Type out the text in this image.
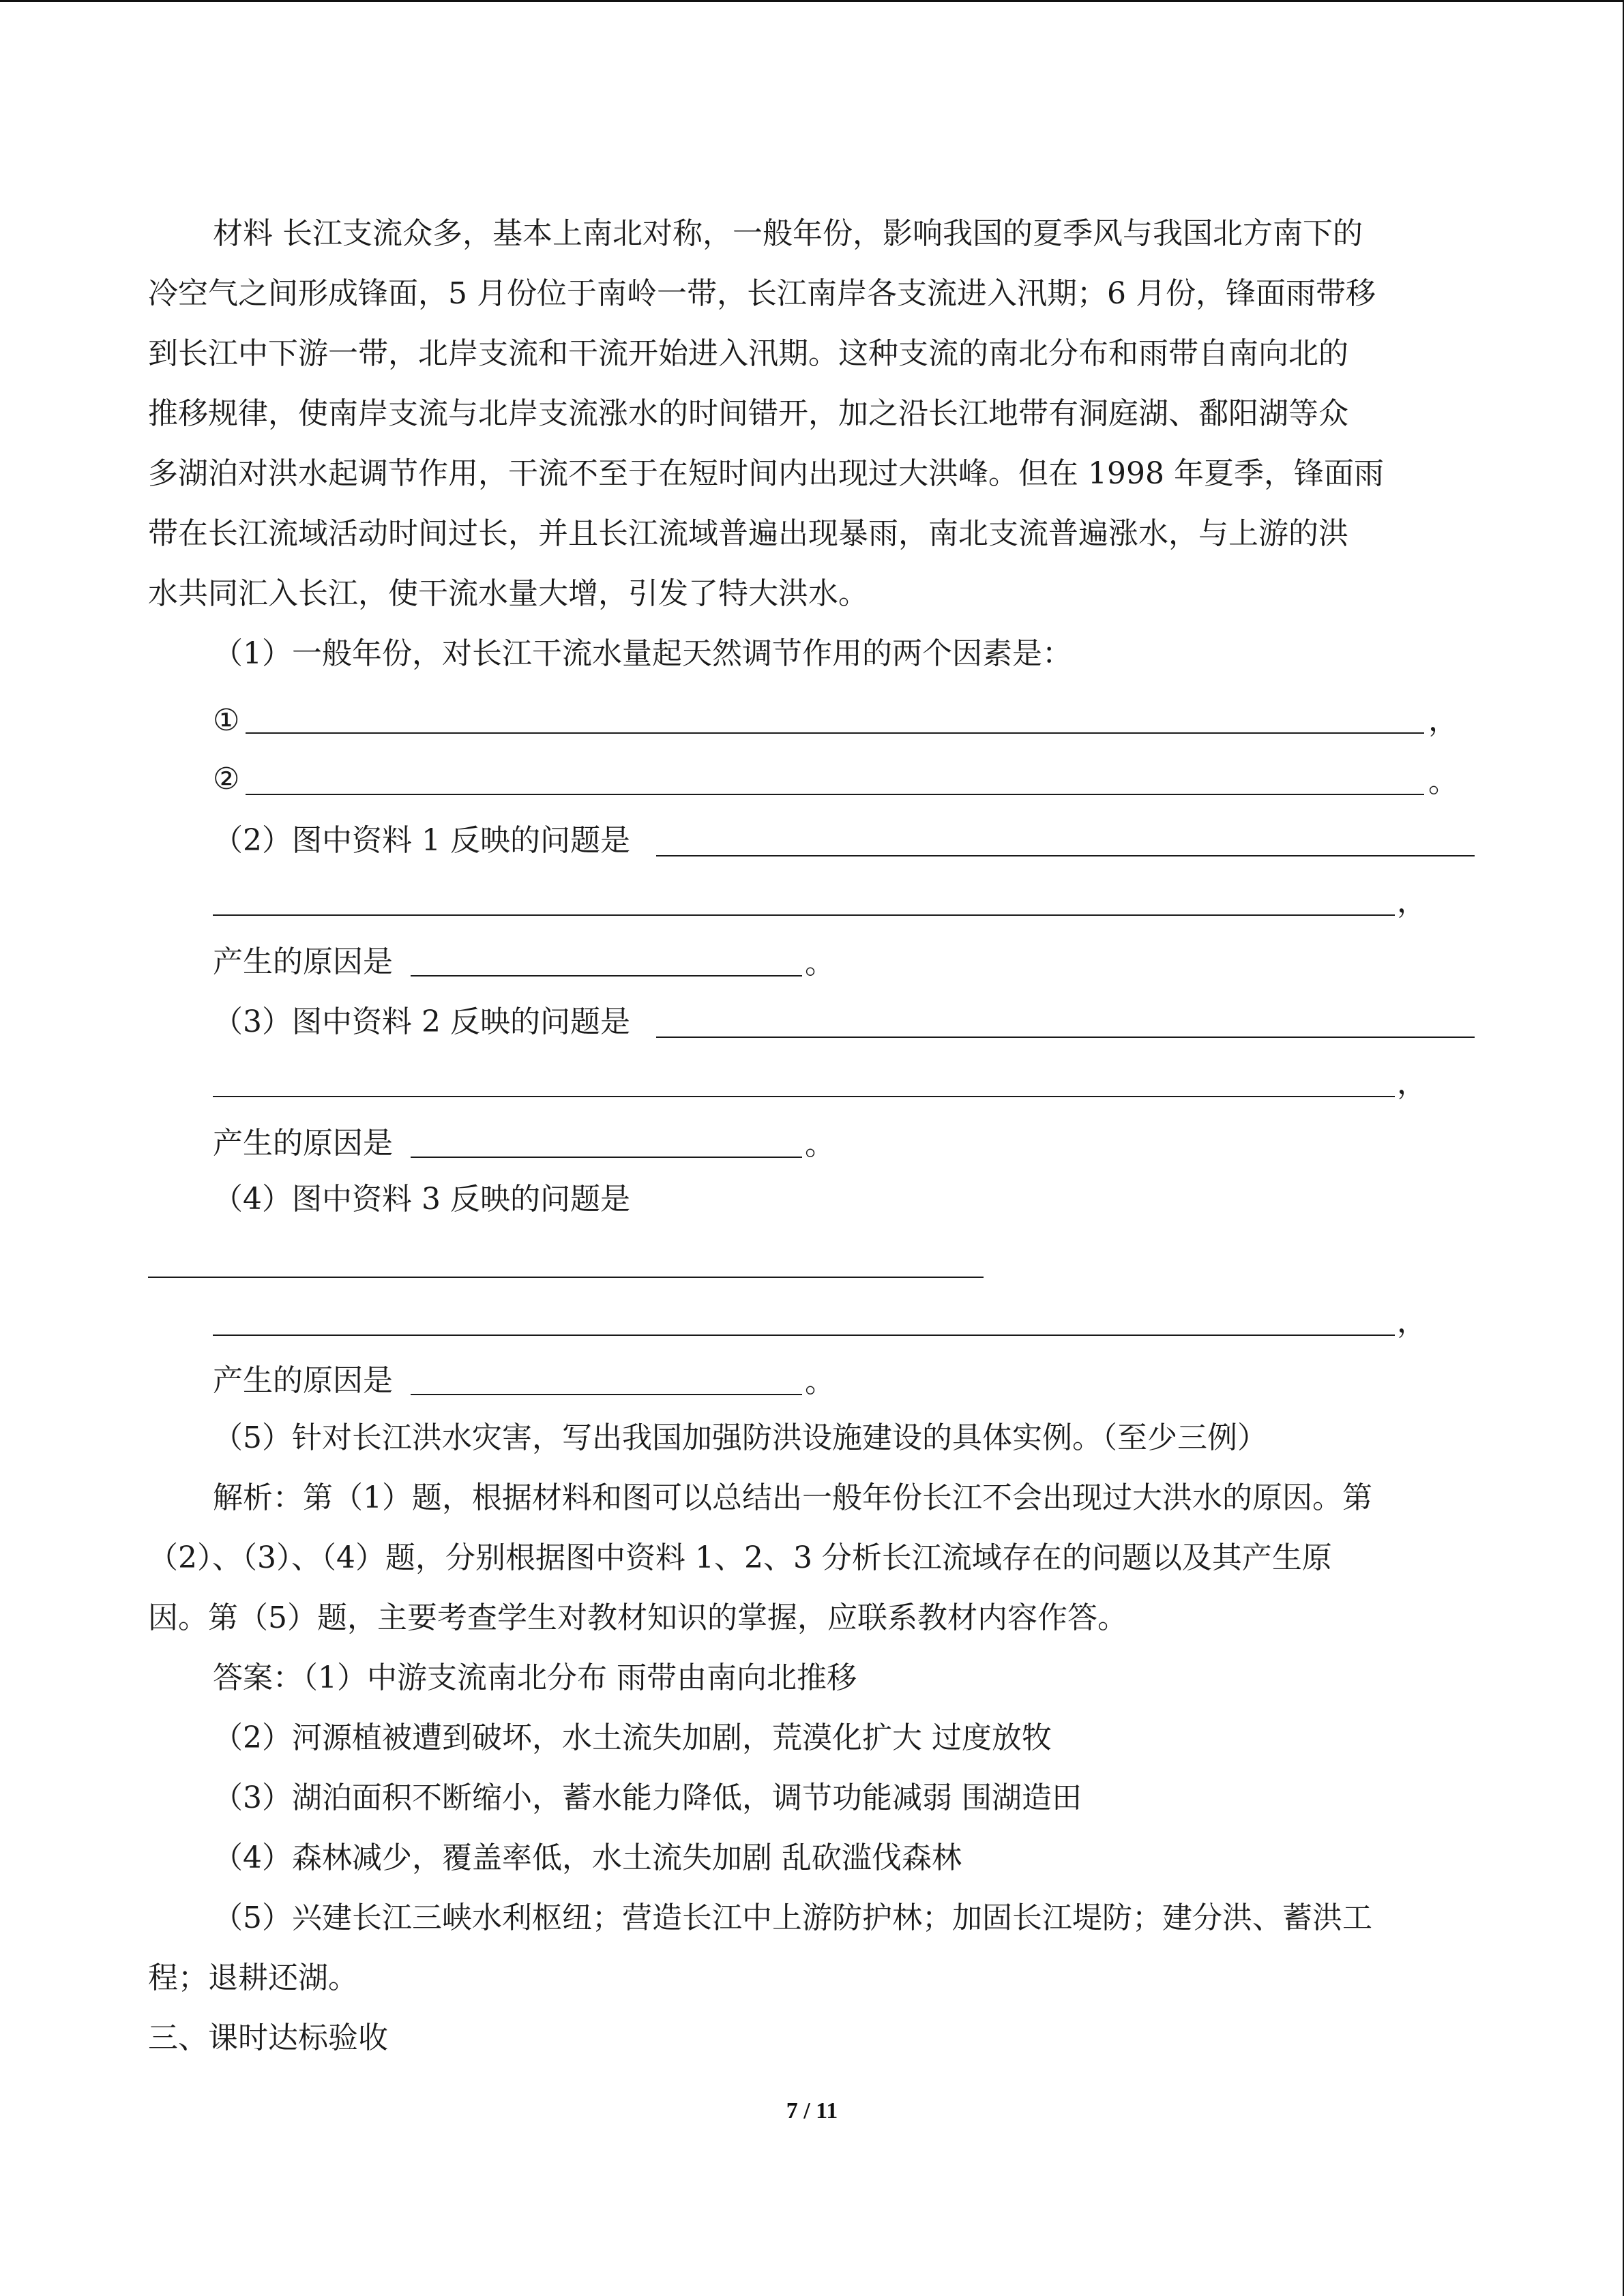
材料 长江支流众多，基本上南北对称，一般年份，影响我国的夏季风与我国北方南下的
冷空气之间形成锋面，5 月份位于南岭一带，长江南岸各支流进入汛期；6 月份，锋面雨带移
到长江中下游一带，北岸支流和干流开始进入汛期。这种支流的南北分布和雨带自南向北的
推移规律，使南岸支流与北岸支流涨水的时间错开，加之沿长江地带有洞庭湖、鄱阳湖等众
多湖泊对洪水起调节作用，干流不至于在短时间内出现过大洪峰。但在 1998 年夏季，锋面雨
带在长江流域活动时间过长，并且长江流域普遍出现暴雨，南北支流普遍涨水，与上游的洪
水共同汇入长江，使干流水量大增，引发了特大洪水。
（1）一般年份，对长江干流水量起天然调节作用的两个因素是：
①	，
②	。
（2）图中资料 1 反映的问题是
，
产生的原因是	。
（3）图中资料 2 反映的问题是
，
产生的原因是	。
（4）图中资料 3 反映的问题是
，
产生的原因是	。
（5）针对长江洪水灾害，写出我国加强防洪设施建设的具体实例。（至少三例）
解析：第（1）题，根据材料和图可以总结出一般年份长江不会出现过大洪水的原因。第
（2）、（3）、（4）题，分别根据图中资料 1、2、3 分析长江流域存在的问题以及其产生原
因。第（5）题，主要考查学生对教材知识的掌握，应联系教材内容作答。
答案：（1）中游支流南北分布 雨带由南向北推移
（2）河源植被遭到破坏，水土流失加剧，荒漠化扩大 过度放牧
（3）湖泊面积不断缩小，蓄水能力降低，调节功能减弱 围湖造田
（4）森林减少，覆盖率低，水土流失加剧 乱砍滥伐森林
（5）兴建长江三峡水利枢纽；营造长江中上游防护林；加固长江堤防；建分洪、蓄洪工
程；退耕还湖。
三、课时达标验收
7 / 11
